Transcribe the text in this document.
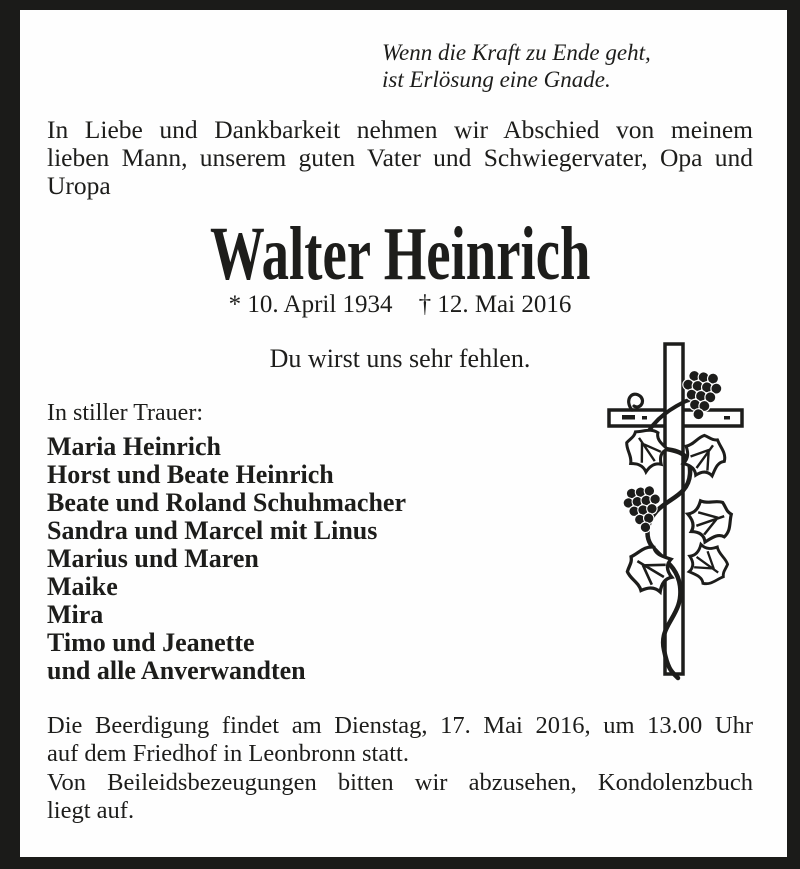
Wenn die Kraft zu Ende geht,
ist Erlösung eine Gnade.
In Liebe und Dankbarkeit nehmen wir Abschied von meinem
lieben Mann, unserem guten Vater und Schwiegervater, Opa und
Uropa
Walter Heinrich
* 10. April 1934 † 12. Mai 2016
Du wirst uns sehr fehlen.
In stiller Trauer:
Maria Heinrich
Horst und Beate Heinrich
Beate und Roland Schuhmacher
Sandra und Marcel mit Linus
Marius und Maren
Maike
Mira
Timo und Jeanette
und alle Anverwandten
Die Beerdigung findet am Dienstag, 17. Mai 2016, um 13.00 Uhr
auf dem Friedhof in Leonbronn statt.
Von Beileidsbezeugungen bitten wir abzusehen, Kondolenzbuch
liegt auf.
